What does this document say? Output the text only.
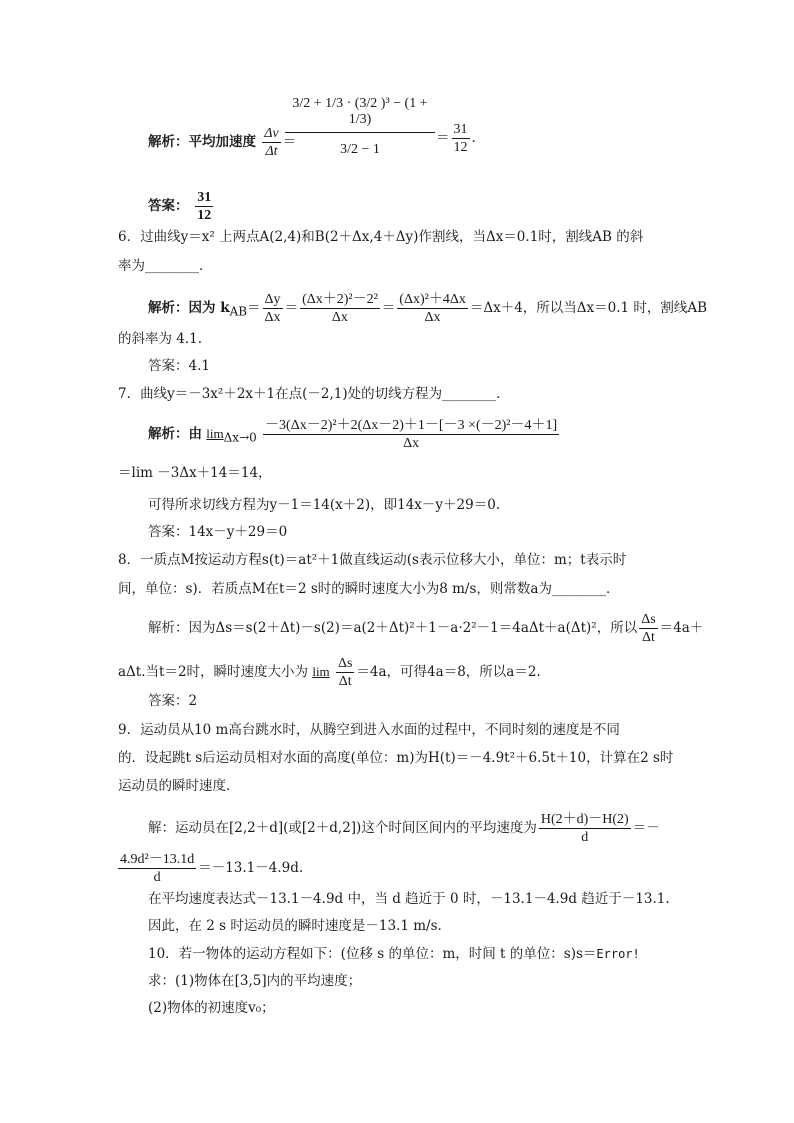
解析：平均加速度 $\frac{\Delta v}{\Delta t}$ ＝
3/2 + 1/3 · (3/2 )³ − (1 + 1/3)
3/2 − 1
＝ $\frac{31}{12}$ .
答案： $\frac{31}{12}$
6．过曲线y＝x² 上两点A(2,4)和B(2＋Δx,4＋Δy)作割线，当Δx＝0.1时，割线AB 的斜
率为________．
解析：因为 $k_{AB}= \frac{\Delta y}{\Delta x} = \frac{\text{(Δx＋2)²－2²}}{\Delta x} = \frac{\text{(Δx)²＋4Δx}}{\Delta x} =\Delta x+4$，所以当Δx＝0.1 时，割线AB
的斜率为 4.1.
答案：4.1
7．曲线y＝－3x²＋2x＋1在点(－2,1)处的切线方程为________．
解析：由 $\lim_{\Delta x\to 0} \frac{\text{－3(Δx－2)²＋2(Δx－2)＋1－[－3 ×(－2)²－4＋1]}}{\Delta x}$
＝lim －3Δx＋14＝14，
可得所求切线方程为y－1＝14(x＋2)，即14x－y＋29＝0.
答案：14x－y＋29＝0
8．一质点M按运动方程s(t)＝at²＋1做直线运动(s表示位移大小，单位：m；t表示时
间，单位：s)．若质点M在t＝2 s时的瞬时速度大小为8 m/s，则常数a为________．
解析：因为Δs＝s(2＋Δt)－s(2)＝a(2＋Δt)²＋1－a·2²－1＝4aΔt＋a(Δt)²，所以 $\frac{\Delta s}{\Delta t} =4a+$
aΔt.当t＝2时，瞬时速度大小为 $\lim \frac{\Delta s}{\Delta t} =4a$，可得4a＝8，所以a＝2.
答案：2
9．运动员从10 m高台跳水时，从腾空到进入水面的过程中，不同时刻的速度是不同
的．设起跳t s后运动员相对水面的高度(单位：m)为H(t)＝－4.9t²＋6.5t＋10，计算在2 s时
运动员的瞬时速度．
解：运动员在[2,2＋d](或[2＋d,2])这个时间区间内的平均速度为 $\frac{H(2+d)-H(2)}{d}$ ＝－
$\frac{\text{4.9d²－13.1d}}{d} =-13.1-4.9d$.
在平均速度表达式－13.1－4.9d 中，当 d 趋近于 0 时，－13.1－4.9d 趋近于－13.1.
因此，在 2 s 时运动员的瞬时速度是－13.1 m/s.
10．若一物体的运动方程如下：(位移 s 的单位：m，时间 t 的单位：s)s＝Error!
求：(1)物体在[3,5]内的平均速度；
(2)物体的初速度v₀；
